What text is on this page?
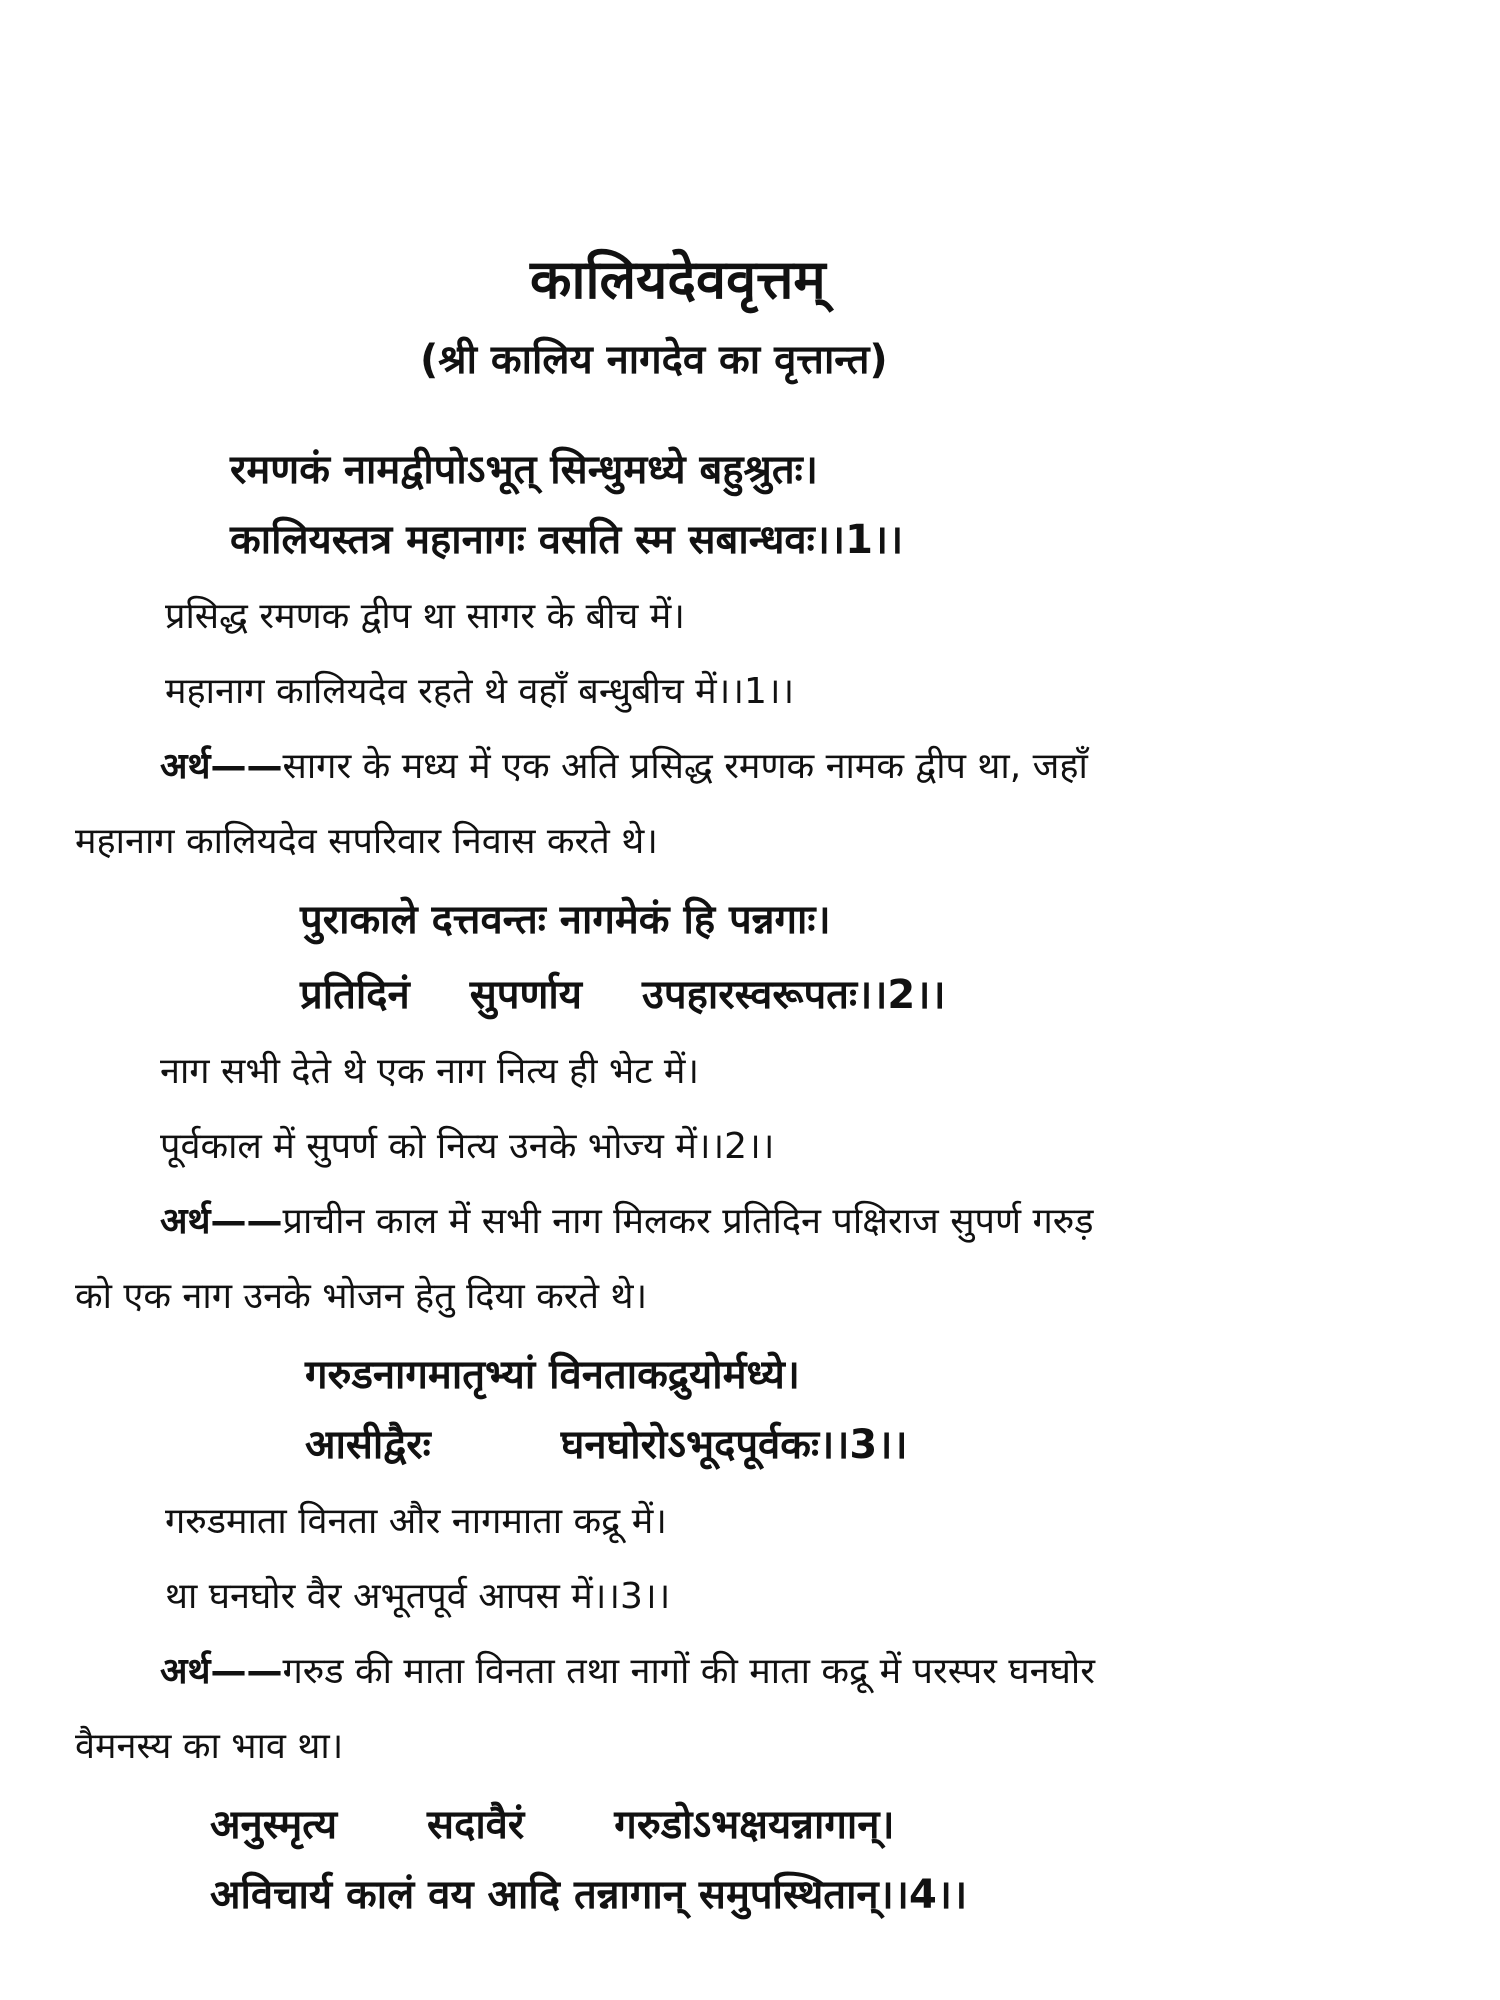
कालियदेववृत्तम्
(श्री कालिय नागदेव का वृत्तान्त)
रमणकं नामद्वीपोऽभूत् सिन्धुमध्ये बहुश्रुतः।
कालियस्तत्र महानागः वसति स्म सबान्धवः।।1।।
प्रसिद्ध रमणक द्वीप था सागर के बीच में।
महानाग कालियदेव रहते थे वहाँ बन्धुबीच में।।1।।
अर्थ——सागर के मध्य में एक अति प्रसिद्ध रमणक नामक द्वीप था, जहाँ
महानाग कालियदेव सपरिवार निवास करते थे।
पुराकाले दत्तवन्तः नागमेकं हि पन्नगाः।
प्रतिदिनं सुपर्णाय उपहारस्वरूपतः।।2।।
नाग सभी देते थे एक नाग नित्य ही भेट में।
पूर्वकाल में सुपर्ण को नित्य उनके भोज्य में।।2।।
अर्थ——प्राचीन काल में सभी नाग मिलकर प्रतिदिन पक्षिराज सुपर्ण गरुड़
को एक नाग उनके भोजन हेतु दिया करते थे।
गरुडनागमातृभ्यां विनताकद्रुयोर्मध्ये।
आसीद्वैरः	घनघोरोऽभूदपूर्वकः।।3।।
गरुडमाता विनता और नागमाता कद्रू में।
था घनघोर वैर अभूतपूर्व आपस में।।3।।
अर्थ——गरुड की माता विनता तथा नागों की माता कद्रू में परस्पर घनघोर
वैमनस्य का भाव था।
अनुस्मृत्य सदावैरं गरुडोऽभक्षयन्नागान्।
अविचार्य कालं वय आदि तन्नागान् समुपस्थितान्।।4।।
